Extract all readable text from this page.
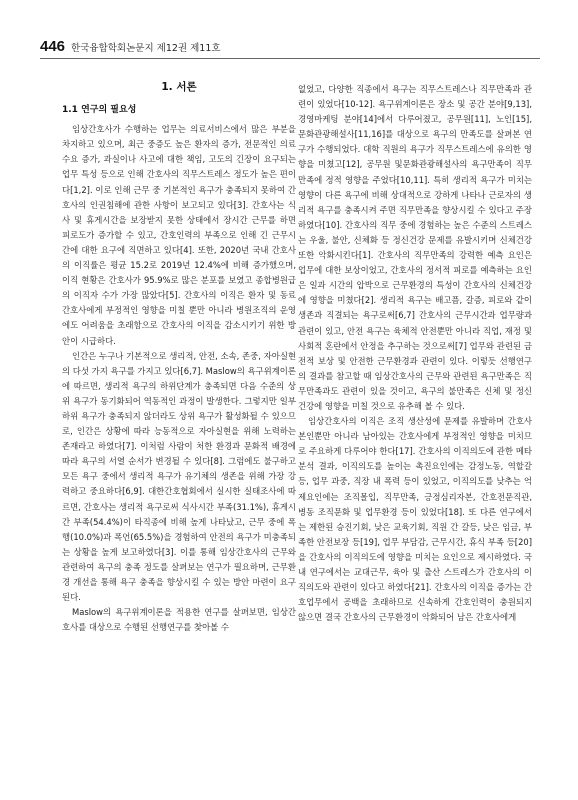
446 한국융합학회논문지 제12권 제11호
1. 서론
1.1 연구의 필요성

임상간호사가 수행하는 업무는 의료서비스에서 많은 부분을 차지하고 있으며, 최근 중증도 높은 환자의 증가, 전문적인 의료수요 증가, 과실이나 사고에 대한 책임, 고도의 긴장이 요구되는 업무 특성 등으로 인해 간호사의 직무스트레스 정도가 높은 편이다[1,2]. 이로 인해 근무 중 기본적인 욕구가 충족되지 못하여 간호사의 인권침해에 관한 사항이 보고되고 있다[3]. 간호사는 식사 및 휴게시간을 보장받지 못한 상태에서 장시간 근무를 하면 피로도가 증가할 수 있고, 간호인력의 부족으로 인해 긴 근무시간에 대한 요구에 직면하고 있다[4]. 또한, 2020년 국내 간호사의 이직률은 평균 15.2로 2019년 12.4%에 비해 증가했으며, 이직 현황은 간호사가 95.9%로 많은 분포를 보였고 종합병원급의 이직자 수가 가장 많았다[5]. 간호사의 이직은 환자 및 동료 간호사에게 부정적인 영향을 미칠 뿐만 아니라 병원조직의 운영에도 어려움을 초래함으로 간호사의 이직을 감소시키기 위한 방안이 시급하다.

인간은 누구나 기본적으로 생리적, 안전, 소속, 존중, 자아실현의 다섯 가지 욕구를 가지고 있다[6,7]. Maslow의 욕구위계이론에 따르면, 생리적 욕구의 하위단계가 충족되면 다음 수준의 상위 욕구가 동기화되어 역동적인 과정이 발생한다. 그렇지만 일부 하위 욕구가 충족되지 않더라도 상위 욕구가 활성화될 수 있으므로, 인간은 상황에 따라 능동적으로 자아실현을 위해 노력하는 존재라고 하였다[7]. 이처럼 사람이 처한 환경과 문화적 배경에 따라 욕구의 서열 순서가 변경될 수 있다[8]. 그럼에도 불구하고 모든 욕구 중에서 생리적 욕구가 유기체의 생존을 위해 가장 강력하고 중요하다[6,9]. 대한간호협회에서 실시한 실태조사에 따르면, 간호사는 생리적 욕구로써 식사시간 부족(31.1%), 휴게시간 부족(54.4%)이 타직종에 비해 높게 나타났고, 근무 중에 폭행(10.0%)과 폭언(65.5%)을 경험하여 안전의 욕구가 미충족되는 상황을 높게 보고하였다[3]. 이를 통해 임상간호사의 근무와 관련하여 욕구의 충족 정도를 살펴보는 연구가 필요하며, 근무환경 개선을 통해 욕구 충족을 향상시킬 수 있는 방안 마련이 요구된다.

Maslow의 욕구위계이론을 적용한 연구를 살펴보면, 임상간호사를 대상으로 수행된 선행연구를 찾아볼 수

없었고, 다양한 직종에서 욕구는 직무스트레스나 직무만족과 관련이 있었다[10-12]. 욕구위계이론은 장소 및 공간 분야[9,13], 경영마케팅 분야[14]에서 다루어졌고, 공무원[11], 노인[15], 문화관광해설사[11,16]를 대상으로 욕구의 만족도를 살펴본 연구가 수행되었다. 대학 직원의 욕구가 직무스트레스에 유의한 영향을 미쳤고[12], 공무원 및문화관광해설사의 욕구만족이 직무만족에 정적 영향을 주었다[10,11]. 특히 생리적 욕구가 미치는 영향이 다른 욕구에 비해 상대적으로 강하게 나타나 근로자의 생리적 욕구를 충족시켜 주면 직무만족을 향상시킬 수 있다고 주장하였다[10]. 간호사의 직무 중에 경험하는 높은 수준의 스트레스는 우울, 불안, 신체화 등 정신건강 문제를 유발시키며 신체건강 또한 악화시킨다[1]. 간호사의 직무만족의 강력한 예측 요인은 업무에 대한 보상이었고, 간호사의 정서적 피로를 예측하는 요인은 일과 시간의 압박으로 근무환경의 특성이 간호사의 신체건강에 영향을 미쳤다[2]. 생리적 욕구는 배고픔, 갈증, 피로와 같이 생존과 직결되는 욕구로써[6,7] 간호사의 근무시간과 업무량과 관련이 있고, 안전 욕구는 육체적 안전뿐만 아니라 직업, 재정 및 사회적 혼란에서 안정을 추구하는 것으로써[7] 업무와 관련된 금전적 보상 및 안전한 근무환경과 관련이 있다. 이렇듯 선행연구의 결과를 참고할 때 임상간호사의 근무와 관련된 욕구만족은 직무만족과도 관련이 있을 것이고, 욕구의 불만족은 신체 및 정신건강에 영향을 미칠 것으로 유추해 볼 수 있다.

임상간호사의 이직은 조직 생산성에 문제를 유발하며 간호사 본인뿐만 아니라 남아있는 간호사에게 부정적인 영향을 미치므로 주요하게 다루어야 한다[17]. 간호사의 이직의도에 관한 메타분석 결과, 이직의도를 높이는 촉진요인에는 감정노동, 역할갈등, 업무 과중, 직장 내 폭력 등이 있었고, 이직의도를 낮추는 억제요인에는 조직몰입, 직무만족, 긍정심리자본, 간호전문직관, 병동 조직문화 및 업무환경 등이 있었다[18]. 또 다른 연구에서는 제한된 승진기회, 낮은 교육기회, 직원 간 갈등, 낮은 임금, 부족한 안전보장 등[19], 업무 부담감, 근무시간, 휴식 부족 등[20]을 간호사의 이직의도에 영향을 미치는 요인으로 제시하였다. 국내 연구에서는 교대근무, 육아 및 출산 스트레스가 간호사의 이직의도와 관련이 있다고 하였다[21]. 간호사의 이직을 증가는 간호업무에서 공백을 초래하므로 신속하게 간호인력이 충원되지 않으면 결국 간호사의 근무환경이 악화되어 남은 간호사에게
